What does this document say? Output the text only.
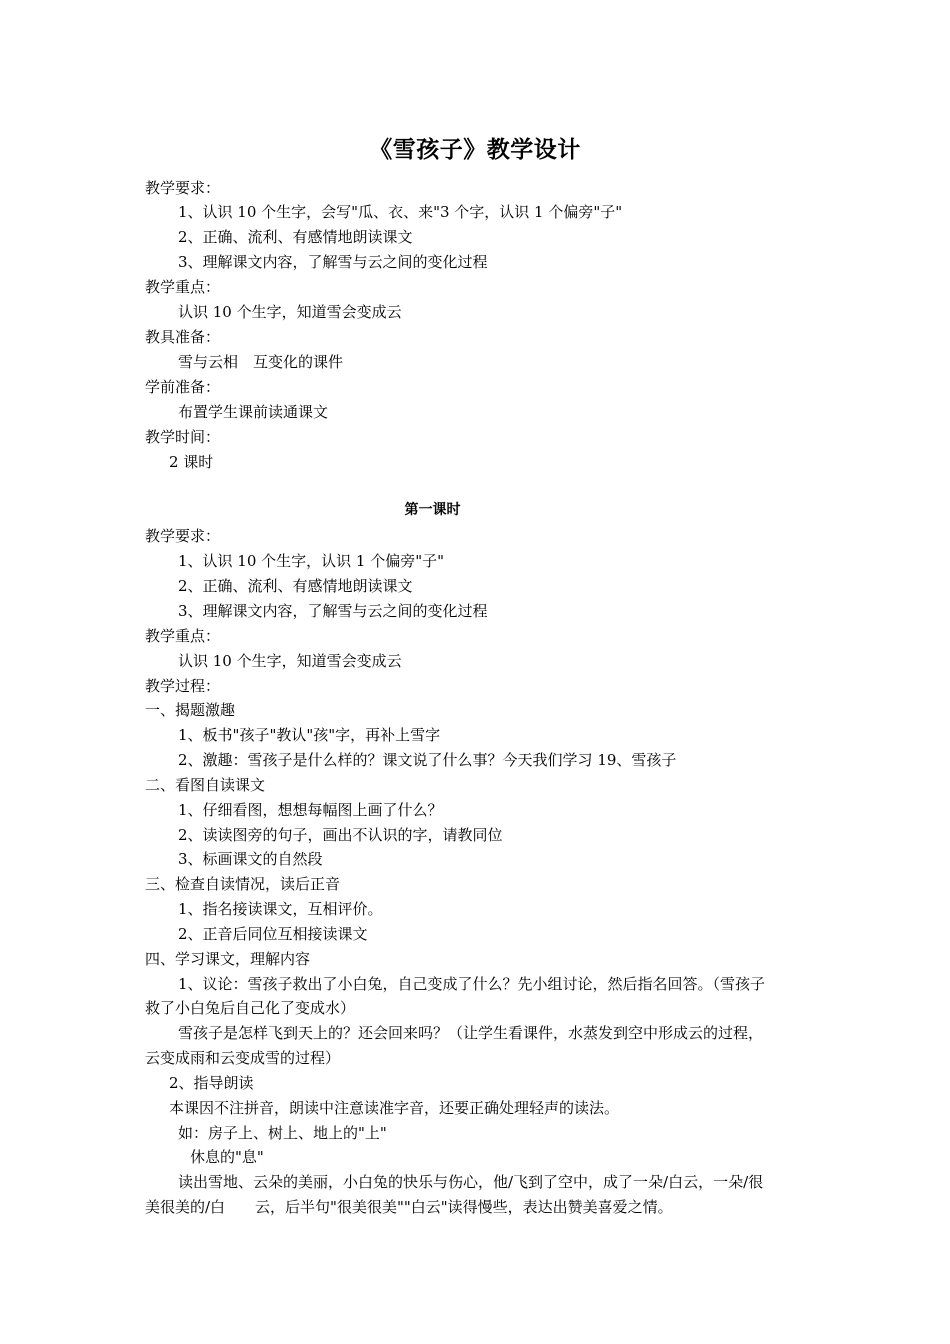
《雪孩子》教学设计
教学要求：
1、认识 10 个生字，会写"瓜、衣、来"3 个字，认识 1 个偏旁"子"
2、正确、流利、有感情地朗读课文
3、理解课文内容，了解雪与云之间的变化过程
教学重点：
认识 10 个生字，知道雪会变成云
教具准备：
雪与云相　互变化的课件
学前准备：
布置学生课前读通课文
教学时间：
2 课时
第一课时
教学要求：
1、认识 10 个生字，认识 1 个偏旁"子"
2、正确、流利、有感情地朗读课文
3、理解课文内容，了解雪与云之间的变化过程
教学重点：
认识 10 个生字，知道雪会变成云
教学过程：
一、揭题激趣
1、板书"孩子"教认"孩"字，再补上雪字
2、激趣：雪孩子是什么样的？课文说了什么事？今天我们学习 19、雪孩子
二、看图自读课文
1、仔细看图，想想每幅图上画了什么？
2、读读图旁的句子，画出不认识的字，请教同位
3、标画课文的自然段
三、检查自读情况，读后正音
1、指名接读课文，互相评价。
2、正音后同位互相接读课文
四、学习课文，理解内容
1、议论：雪孩子救出了小白兔，自己变成了什么？先小组讨论，然后指名回答。（雪孩子
救了小白兔后自己化了变成水）
雪孩子是怎样飞到天上的？还会回来吗？（让学生看课件，水蒸发到空中形成云的过程，
云变成雨和云变成雪的过程）
2、指导朗读
本课因不注拼音，朗读中注意读准字音，还要正确处理轻声的读法。
如：房子上、树上、地上的"上"
休息的"息"
读出雪地、云朵的美丽，小白兔的快乐与伤心，他/飞到了空中，成了一朵/白云，一朵/很
美很美的/白　　云，后半句"很美很美""白云"读得慢些，表达出赞美喜爱之情。
